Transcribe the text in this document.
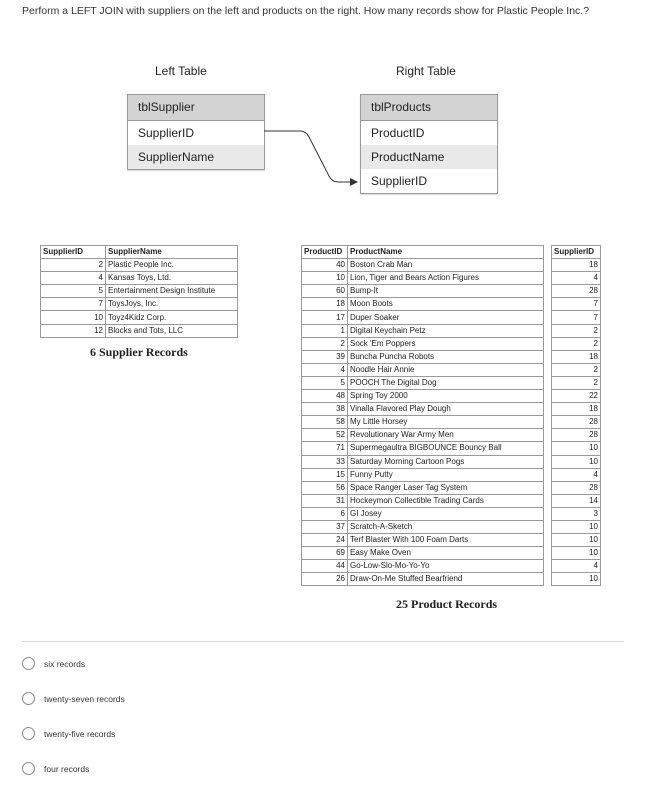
Perform a LEFT JOIN with suppliers on the left and products on the right. How many records show for Plastic People Inc.?
Left Table	Right Table
tblSupplier
SupplierID
SupplierName
tblProducts
ProductID
ProductName
SupplierID
SupplierID	SupplierName
2	Plastic People Inc.
4	Kansas Toys, Ltd.
5	Entertainment Design Institute
7	ToysJoys, Inc.
10	Toyz4Kidz Corp.
12	Blocks and Tots, LLC
6 Supplier Records
ProductID	ProductName		SupplierID
40	Boston Crab Man		18
10	Lion, Tiger and Bears Action Figures		4
60	Bump-It		28
18	Moon Boots		7
17	Duper Soaker		7
1	Digital Keychain Petz		2
2	Sock 'Em Poppers		2
39	Buncha Puncha Robots		18
4	Noodle Hair Annie		2
5	POOCH The Digital Dog		2
48	Spring Toy 2000		22
38	Vinalla Flavored Play Dough		18
58	My Little Horsey		28
52	Revolutionary War Army Men		28
71	Supermegaultra BIGBOUNCE Bouncy Ball		10
33	Saturday Morning Cartoon Pogs		10
15	Funny Putty		4
56	Space Ranger Laser Tag System		28
31	Hockeymon Collectible Trading Cards		14
6	GI Josey		3
37	Scratch-A-Sketch		10
24	Terf Blaster With 100 Foam Darts		10
69	Easy Make Oven		10
44	Go-Low-Slo-Mo-Yo-Yo		4
26	Draw-On-Me Stuffed Bearfriend		10
25 Product Records
six records
twenty-seven records
twenty-five records
four records
